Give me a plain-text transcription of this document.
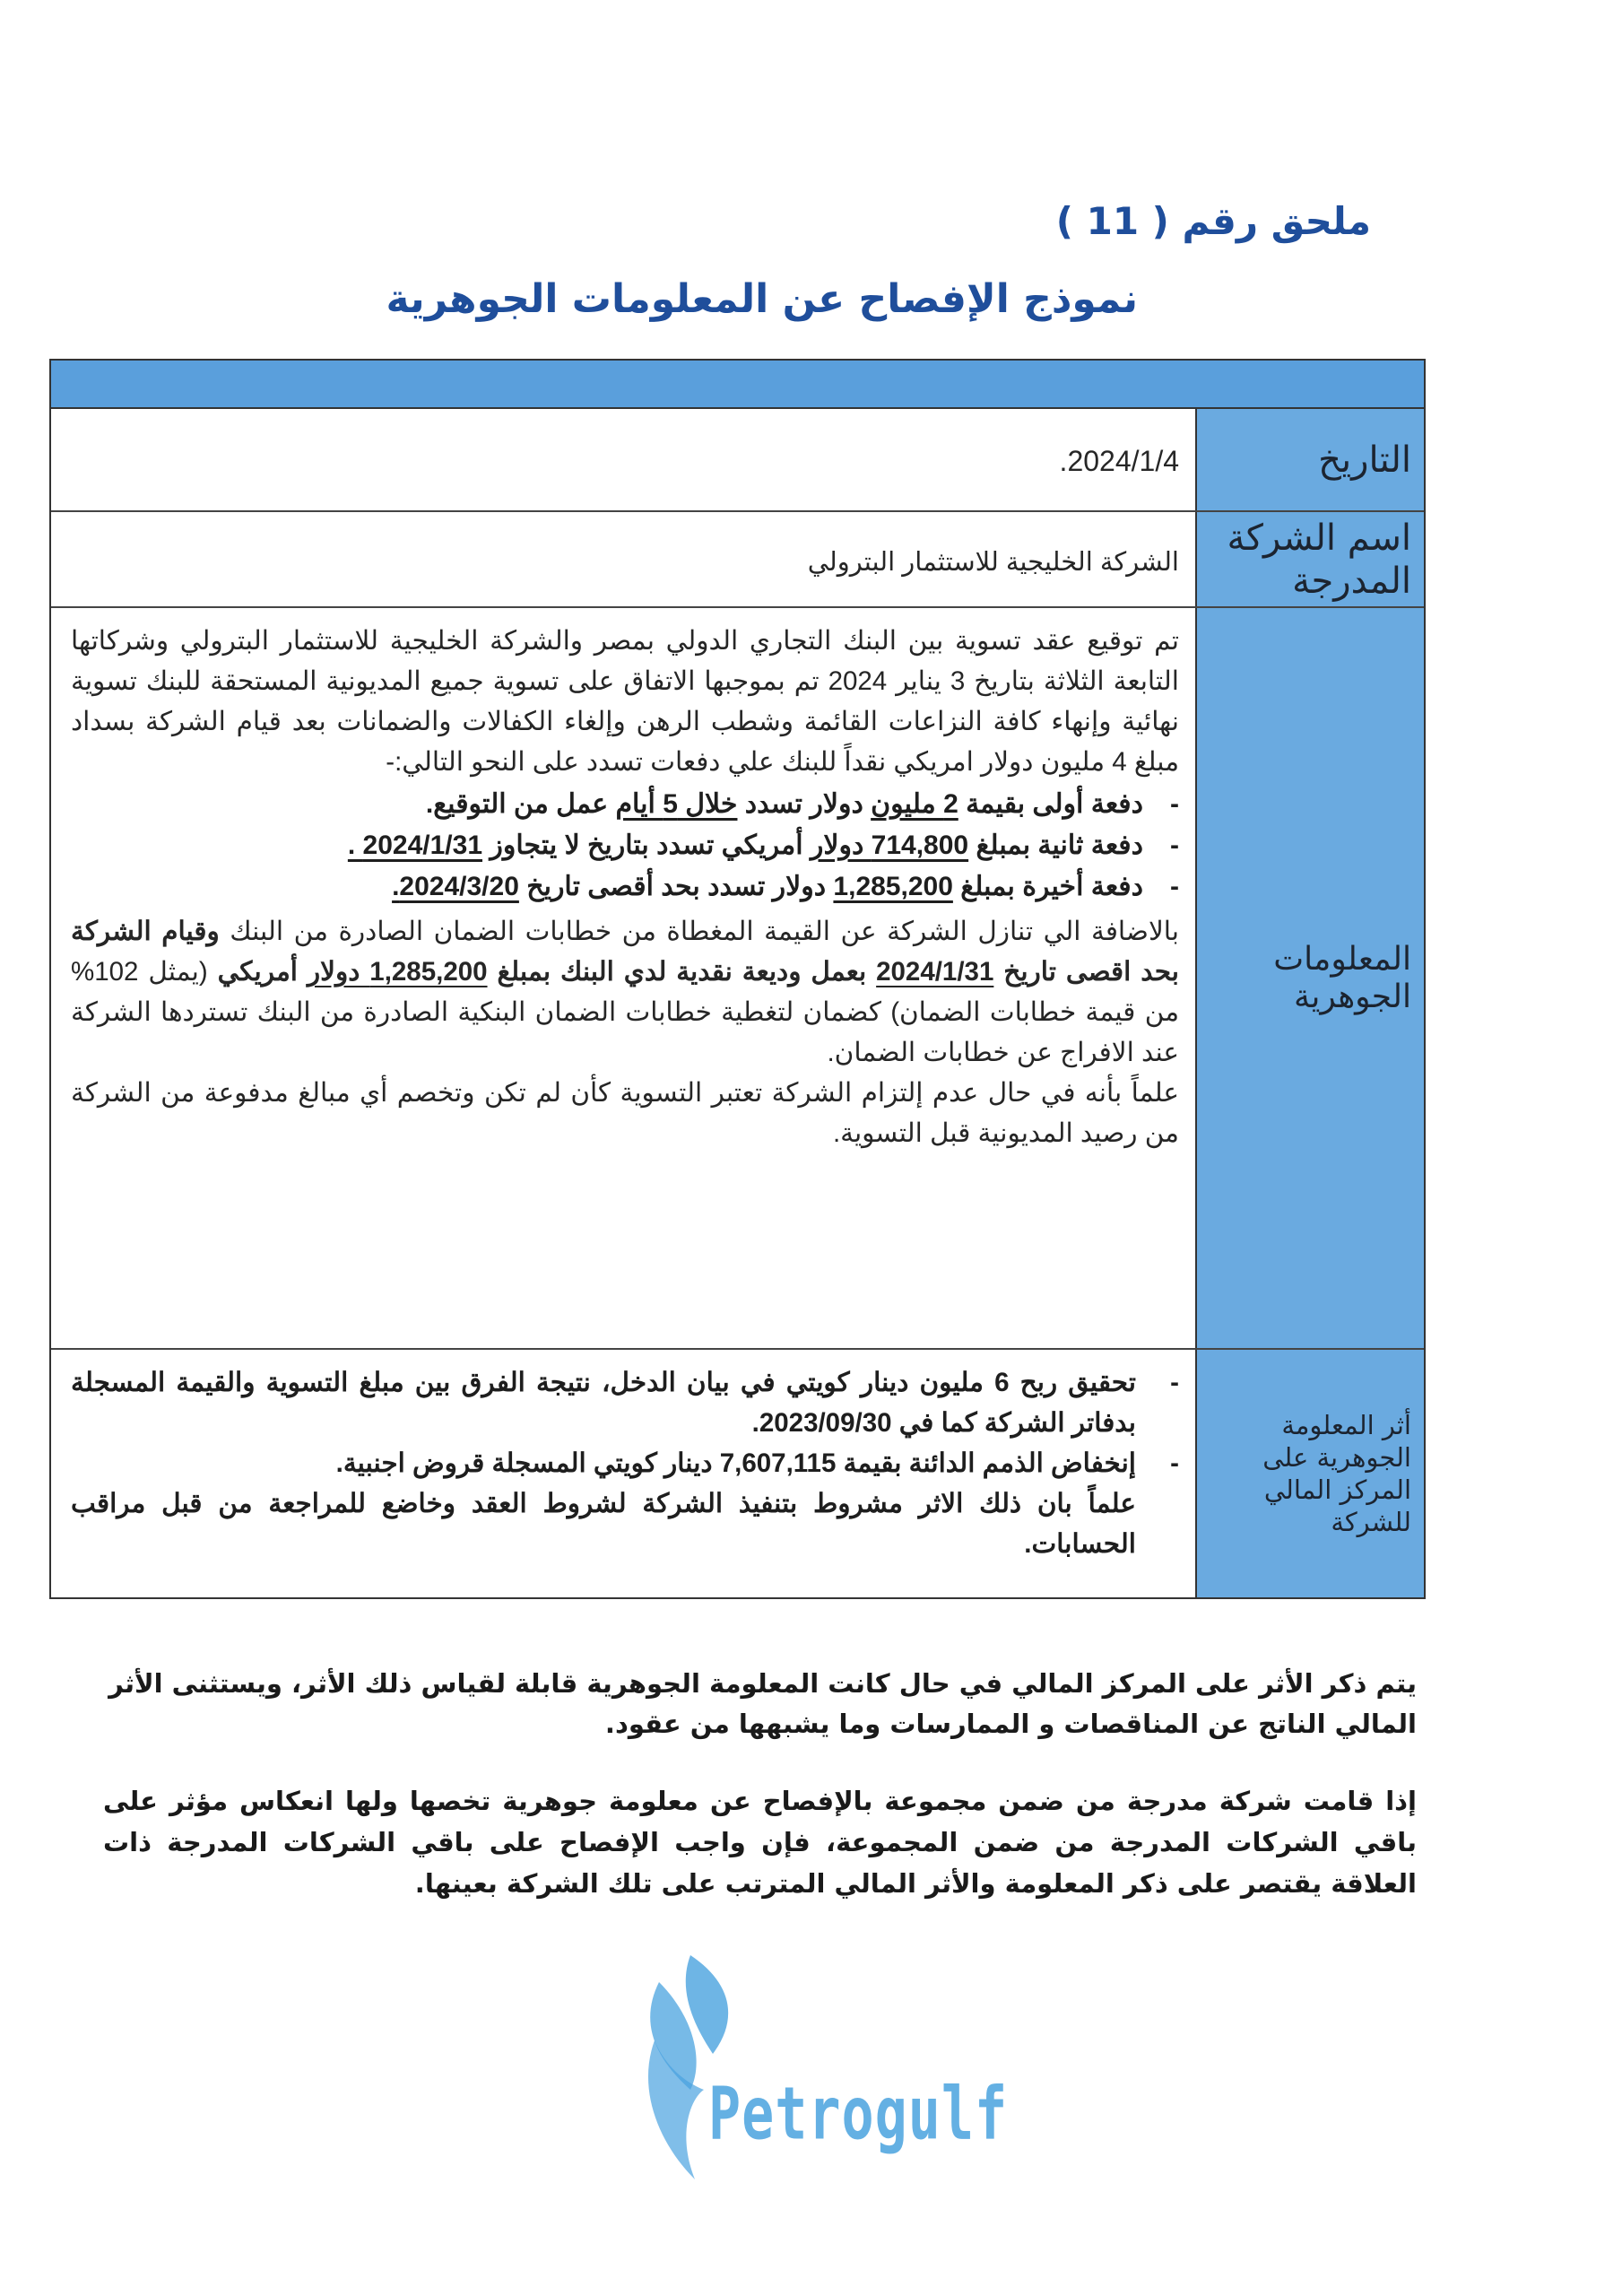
ملحق رقم ( 11 )
نموذج الإفصاح عن المعلومات الجوهرية
التاريخ
2024/1/4.
اسم الشركة المدرجة
الشركة الخليجية للاستثمار البترولي
المعلومات الجوهرية

تم توقيع عقد تسوية بين البنك التجاري الدولي بمصر والشركة الخليجية للاستثمار البترولي وشركاتها التابعة الثلاثة بتاريخ 3 يناير 2024 تم بموجبها الاتفاق على تسوية جميع المديونية المستحقة للبنك تسوية نهائية وإنهاء كافة النزاعات القائمة وشطب الرهن وإلغاء الكفالات والضمانات بعد قيام الشركة بسداد مبلغ 4 مليون دولار امريكي نقداً للبنك علي دفعات تسدد على النحو التالي:-

- دفعة أولى بقيمة 2 مليون دولار تسدد خلال 5 أيام عمل من التوقيع.
- دفعة ثانية بمبلغ 714,800 دولار أمريكي تسدد بتاريخ لا يتجاوز 2024/1/31 .
- دفعة أخيرة بمبلغ 1,285,200 دولار تسدد بحد أقصى تاريخ 2024/3/20.

بالاضافة الي تنازل الشركة عن القيمة المغطاة من خطابات الضمان الصادرة من البنك وقيام الشركة بحد اقصى تاريخ 2024/1/31 بعمل وديعة نقدية لدي البنك بمبلغ 1,285,200 دولار أمريكي (يمثل 102% من قيمة خطابات الضمان) كضمان لتغطية خطابات الضمان البنكية الصادرة من البنك تستردها الشركة عند الافراج عن خطابات الضمان.

علماً بأنه في حال عدم إلتزام الشركة تعتبر التسوية كأن لم تكن وتخصم أي مبالغ مدفوعة من الشركة من رصيد المديونية قبل التسوية.

أثر المعلومة الجوهرية على المركز المالي للشركة
- تحقيق ربح 6 مليون دينار كويتي في بيان الدخل، نتيجة الفرق بين مبلغ التسوية والقيمة المسجلة بدفاتر الشركة كما في 2023/09/30.
- إنخفاض الذمم الدائنة بقيمة 7,607,115 دينار كويتي المسجلة قروض اجنبية.

علماً بان ذلك الاثر مشروط بتنفيذ الشركة لشروط العقد وخاضع للمراجعة من قبل مراقب الحسابات.

يتم ذكر الأثر على المركز المالي في حال كانت المعلومة الجوهرية قابلة لقياس ذلك الأثر، ويستثنى الأثر المالي الناتج عن المناقصات و الممارسات وما يشبهها من عقود.
إذا قامت شركة مدرجة من ضمن مجموعة بالإفصاح عن معلومة جوهرية تخصها ولها انعكاس مؤثر على باقي الشركات المدرجة من ضمن المجموعة، فإن واجب الإفصاح على باقي الشركات المدرجة ذات العلاقة يقتصر على ذكر المعلومة والأثر المالي المترتب على تلك الشركة بعينها.
Petrogulf
